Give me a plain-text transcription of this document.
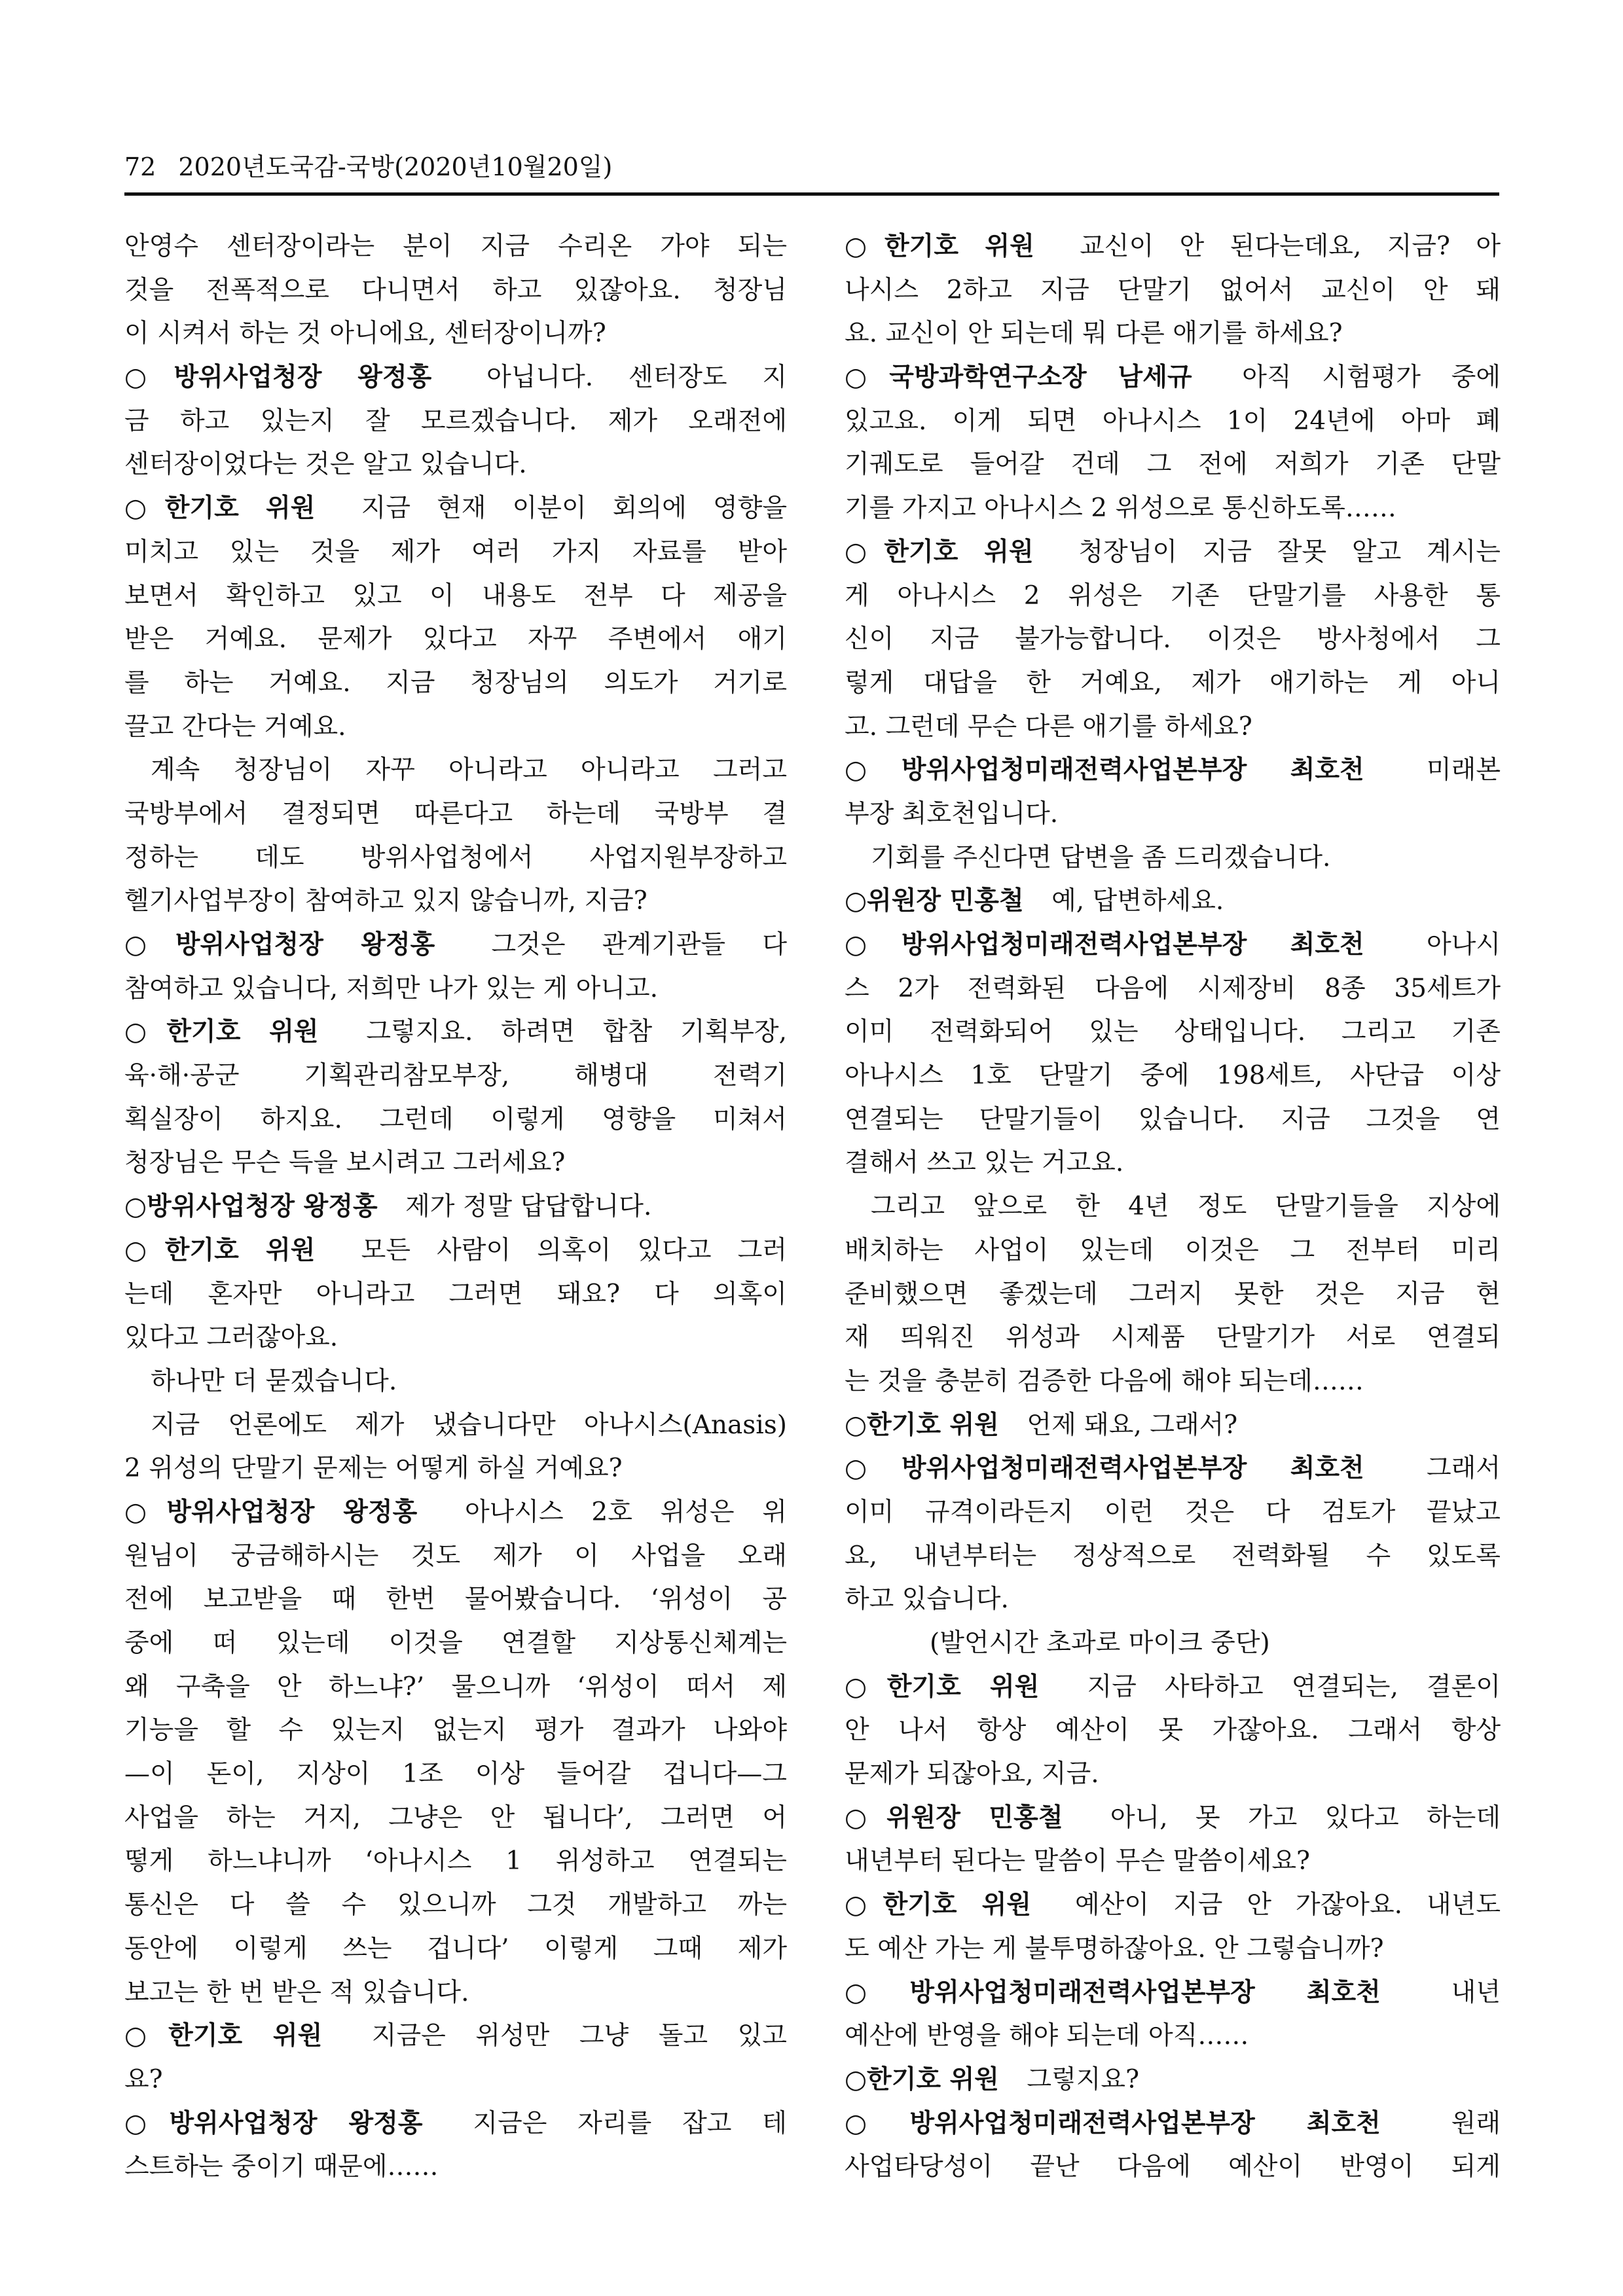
72 2020년도국감-국방(2020년10월20일)
안영수 센터장이라는 분이 지금 수리온 가야 되는
것을 전폭적으로 다니면서 하고 있잖아요. 청장님
이 시켜서 하는 것 아니에요, 센터장이니까?
○방위사업청장 왕정홍 아닙니다. 센터장도 지
금 하고 있는지 잘 모르겠습니다. 제가 오래전에
센터장이었다는 것은 알고 있습니다.
○한기호 위원 지금 현재 이분이 회의에 영향을
미치고 있는 것을 제가 여러 가지 자료를 받아
보면서 확인하고 있고 이 내용도 전부 다 제공을
받은 거예요. 문제가 있다고 자꾸 주변에서 애기
를 하는 거예요. 지금 청장님의 의도가 거기로
끌고 간다는 거예요.
계속 청장님이 자꾸 아니라고 아니라고 그러고
국방부에서 결정되면 따른다고 하는데 국방부 결
정하는 데도 방위사업청에서 사업지원부장하고
헬기사업부장이 참여하고 있지 않습니까, 지금?
○방위사업청장 왕정홍 그것은 관계기관들 다
참여하고 있습니다, 저희만 나가 있는 게 아니고.
○한기호 위원 그렇지요. 하려면 합참 기획부장,
육·해·공군 기획관리참모부장, 해병대 전력기
획실장이 하지요. 그런데 이렇게 영향을 미쳐서
청장님은 무슨 득을 보시려고 그러세요?
○방위사업청장 왕정홍 제가 정말 답답합니다.
○한기호 위원 모든 사람이 의혹이 있다고 그러
는데 혼자만 아니라고 그러면 돼요? 다 의혹이
있다고 그러잖아요.
하나만 더 묻겠습니다.
지금 언론에도 제가 냈습니다만 아나시스(Anasis)
2 위성의 단말기 문제는 어떻게 하실 거예요?
○방위사업청장 왕정홍 아나시스 2호 위성은 위
원님이 궁금해하시는 것도 제가 이 사업을 오래
전에 보고받을 때 한번 물어봤습니다. ‘위성이 공
중에 떠 있는데 이것을 연결할 지상통신체계는
왜 구축을 안 하느냐?’ 물으니까 ‘위성이 떠서 제
기능을 할 수 있는지 없는지 평가 결과가 나와야
—이 돈이, 지상이 1조 이상 들어갈 겁니다—그
사업을 하는 거지, 그냥은 안 됩니다’, 그러면 어
떻게 하느냐니까 ‘아나시스 1 위성하고 연결되는
통신은 다 쓸 수 있으니까 그것 개발하고 까는
동안에 이렇게 쓰는 겁니다’ 이렇게 그때 제가
보고는 한 번 받은 적 있습니다.
○한기호 위원 지금은 위성만 그냥 돌고 있고
요?
○방위사업청장 왕정홍 지금은 자리를 잡고 테
스트하는 중이기 때문에……
○한기호 위원 교신이 안 된다는데요, 지금? 아
나시스 2하고 지금 단말기 없어서 교신이 안 돼
요. 교신이 안 되는데 뭐 다른 애기를 하세요?
○국방과학연구소장 남세규 아직 시험평가 중에
있고요. 이게 되면 아나시스 1이 24년에 아마 폐
기궤도로 들어갈 건데 그 전에 저희가 기존 단말
기를 가지고 아나시스 2 위성으로 통신하도록……
○한기호 위원 청장님이 지금 잘못 알고 계시는
게 아나시스 2 위성은 기존 단말기를 사용한 통
신이 지금 불가능합니다. 이것은 방사청에서 그
렇게 대답을 한 거예요, 제가 애기하는 게 아니
고. 그런데 무슨 다른 애기를 하세요?
○방위사업청미래전력사업본부장 최호천 미래본
부장 최호천입니다.
기회를 주신다면 답변을 좀 드리겠습니다.
○위원장 민홍철 예, 답변하세요.
○방위사업청미래전력사업본부장 최호천 아나시
스 2가 전력화된 다음에 시제장비 8종 35세트가
이미 전력화되어 있는 상태입니다. 그리고 기존
아나시스 1호 단말기 중에 198세트, 사단급 이상
연결되는 단말기들이 있습니다. 지금 그것을 연
결해서 쓰고 있는 거고요.
그리고 앞으로 한 4년 정도 단말기들을 지상에
배치하는 사업이 있는데 이것은 그 전부터 미리
준비했으면 좋겠는데 그러지 못한 것은 지금 현
재 띄워진 위성과 시제품 단말기가 서로 연결되
는 것을 충분히 검증한 다음에 해야 되는데……
○한기호 위원 언제 돼요, 그래서?
○방위사업청미래전력사업본부장 최호천 그래서
이미 규격이라든지 이런 것은 다 검토가 끝났고
요, 내년부터는 정상적으로 전력화될 수 있도록
하고 있습니다.
(발언시간 초과로 마이크 중단)
○한기호 위원 지금 사타하고 연결되는, 결론이
안 나서 항상 예산이 못 가잖아요. 그래서 항상
문제가 되잖아요, 지금.
○위원장 민홍철 아니, 못 가고 있다고 하는데
내년부터 된다는 말씀이 무슨 말씀이세요?
○한기호 위원 예산이 지금 안 가잖아요. 내년도
도 예산 가는 게 불투명하잖아요. 안 그렇습니까?
○방위사업청미래전력사업본부장 최호천	내년
예산에 반영을 해야 되는데 아직……
○한기호 위원 그렇지요?
○방위사업청미래전력사업본부장 최호천	원래
사업타당성이 끝난 다음에 예산이 반영이 되게
